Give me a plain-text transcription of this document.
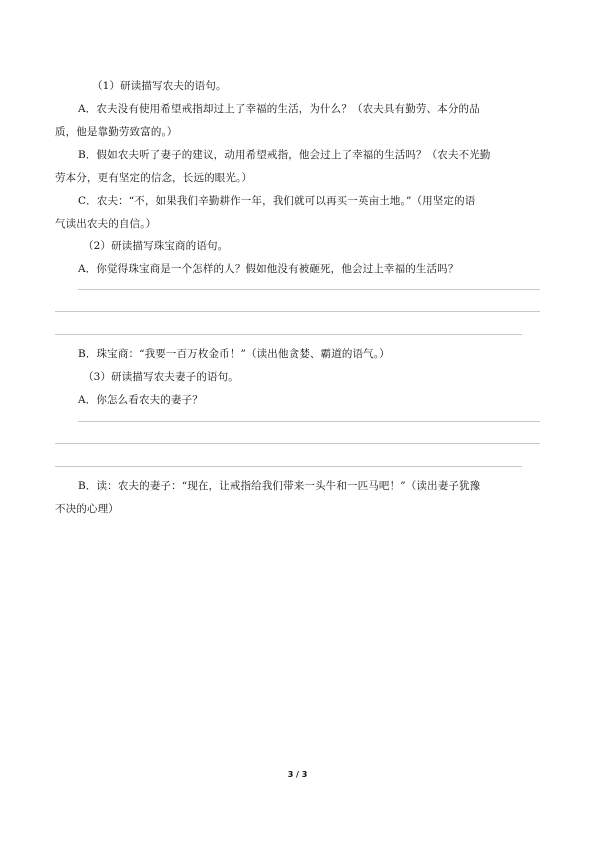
（1）研读描写农夫的语句。
A．农夫没有使用希望戒指却过上了幸福的生活，为什么？（农夫具有勤劳、本分的品
质，他是靠勤劳致富的。）
B．假如农夫听了妻子的建议，动用希望戒指，他会过上了幸福的生活吗？（农夫不光勤
劳本分，更有坚定的信念，长远的眼光。）
C．农夫：“不，如果我们辛勤耕作一年，我们就可以再买一英亩土地。”（用坚定的语
气读出农夫的自信。）
（2）研读描写珠宝商的语句。
A．你觉得珠宝商是一个怎样的人？假如他没有被砸死，他会过上幸福的生活吗？
B．珠宝商：“我要一百万枚金币！”（读出他贪婪、霸道的语气。）
（3）研读描写农夫妻子的语句。
A．你怎么看农夫的妻子？
B．读：农夫的妻子：“现在，让戒指给我们带来一头牛和一匹马吧！”（读出妻子犹豫
不决的心理）
3 / 3
